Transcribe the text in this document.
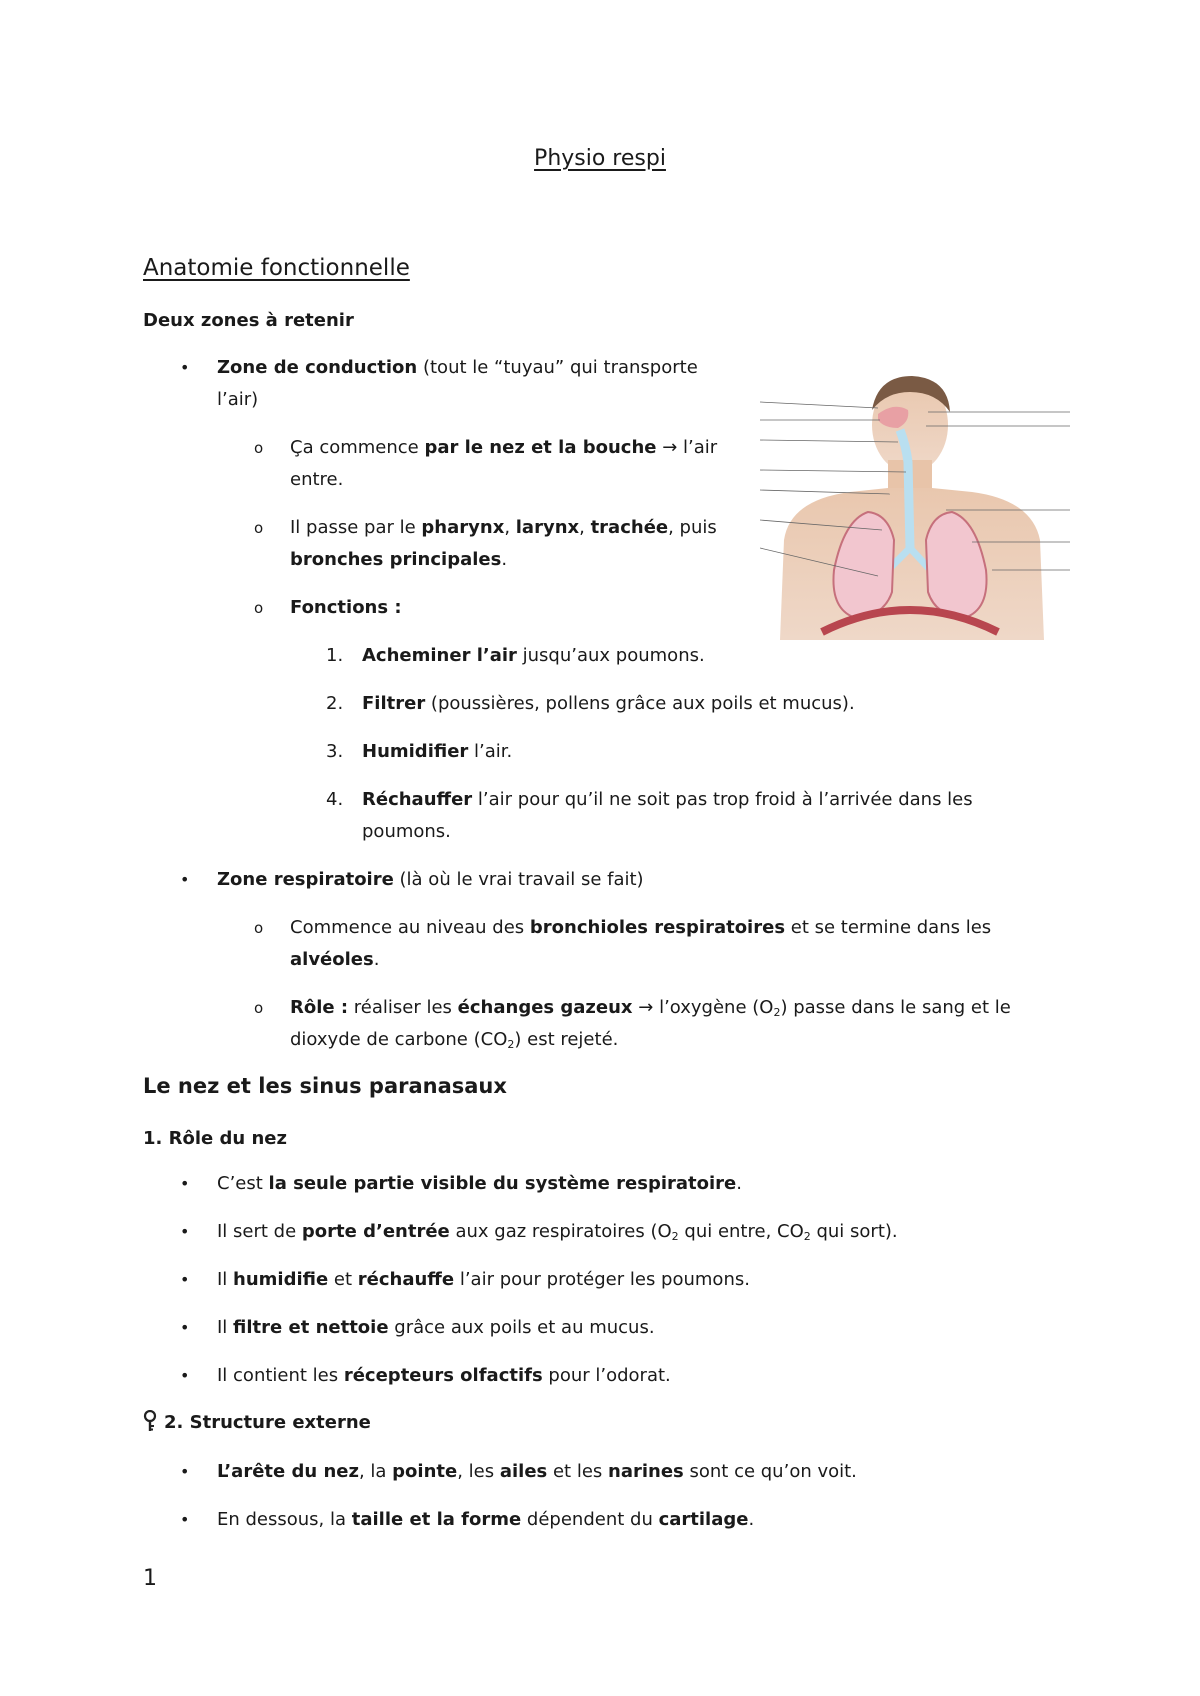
Physio respi
Anatomie fonctionnelle
Deux zones à retenir
• Zone de conduction (tout le “tuyau” qui transporte
l’air)
o Ça commence par le nez et la bouche → l’air
entre.
o Il passe par le pharynx, larynx, trachée, puis
bronches principales.
o Fonctions :
1. Acheminer l’air jusqu’aux poumons.
2. Filtrer (poussières, pollens grâce aux poils et mucus).
3. Humidifier l’air.
4. Réchauffer l’air pour qu’il ne soit pas trop froid à l’arrivée dans les
poumons.
• Zone respiratoire (là où le vrai travail se fait)
o Commence au niveau des bronchioles respiratoires et se termine dans les
alvéoles.
o Rôle : réaliser les échanges gazeux → l’oxygène $(O_2)$ passe dans le sang et le
dioxyde de carbone $(CO_2)$ est rejeté.
Le nez et les sinus paranasaux
1. Rôle du nez
• C’est la seule partie visible du système respiratoire.
• Il sert de porte d’entrée aux gaz respiratoires ($O_2$ qui entre, $CO_2$ qui sort).
• Il humidifie et réchauffe l’air pour protéger les poumons.
• Il filtre et nettoie grâce aux poils et au mucus.
• Il contient les récepteurs olfactifs pour l’odorat.
2. Structure externe
• L’arête du nez, la pointe, les ailes et les narines sont ce qu’on voit.
• En dessous, la taille et la forme dépendent du cartilage.
1
